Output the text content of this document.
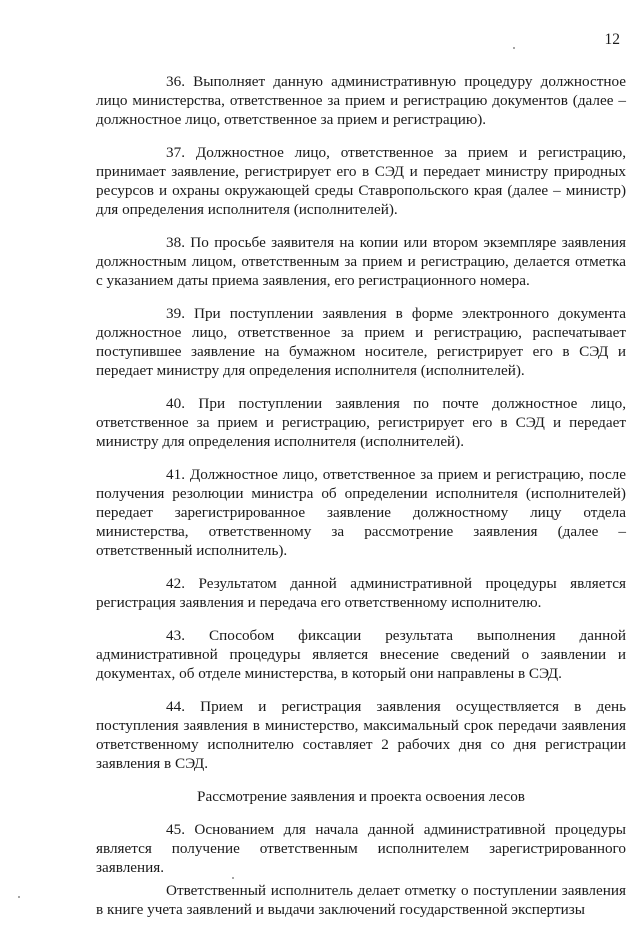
12

36. Выполняет данную административную процедуру должностное лицо министерства, ответственное за прием и регистрацию документов (далее – должностное лицо, ответственное за прием и регистрацию).

37. Должностное лицо, ответственное за прием и регистрацию, принимает заявление, регистрирует его в СЭД и передает министру природных ресурсов и охраны окружающей среды Ставропольского края (далее – министр) для определения исполнителя (исполнителей).

38. По просьбе заявителя на копии или втором экземпляре заявления должностным лицом, ответственным за прием и регистрацию, делается отметка с указанием даты приема заявления, его регистрационного номера.

39. При поступлении заявления в форме электронного документа должностное лицо, ответственное за прием и регистрацию, распечатывает поступившее заявление на бумажном носителе, регистрирует его в СЭД и передает министру для определения исполнителя (исполнителей).

40. При поступлении заявления по почте должностное лицо, ответственное за прием и регистрацию, регистрирует его в СЭД и передает министру для определения исполнителя (исполнителей).

41. Должностное лицо, ответственное за прием и регистрацию, после получения резолюции министра об определении исполнителя (исполнителей) передает зарегистрированное заявление должностному лицу отдела министерства, ответственному за рассмотрение заявления (далее – ответственный исполнитель).

42. Результатом данной административной процедуры является регистрация заявления и передача его ответственному исполнителю.

43. Способом фиксации результата выполнения данной административной процедуры является внесение сведений о заявлении и документах, об отделе министерства, в который они направлены в СЭД.

44. Прием и регистрация заявления осуществляется в день поступления заявления в министерство, максимальный срок передачи заявления ответственному исполнителю составляет 2 рабочих дня со дня регистрации заявления в СЭД.

Рассмотрение заявления и проекта освоения лесов

45. Основанием для начала данной административной процедуры является получение ответственным исполнителем зарегистрированного заявления.

Ответственный исполнитель делает отметку о поступлении заявления в книге учета заявлений и выдачи заключений государственной экспертизы
